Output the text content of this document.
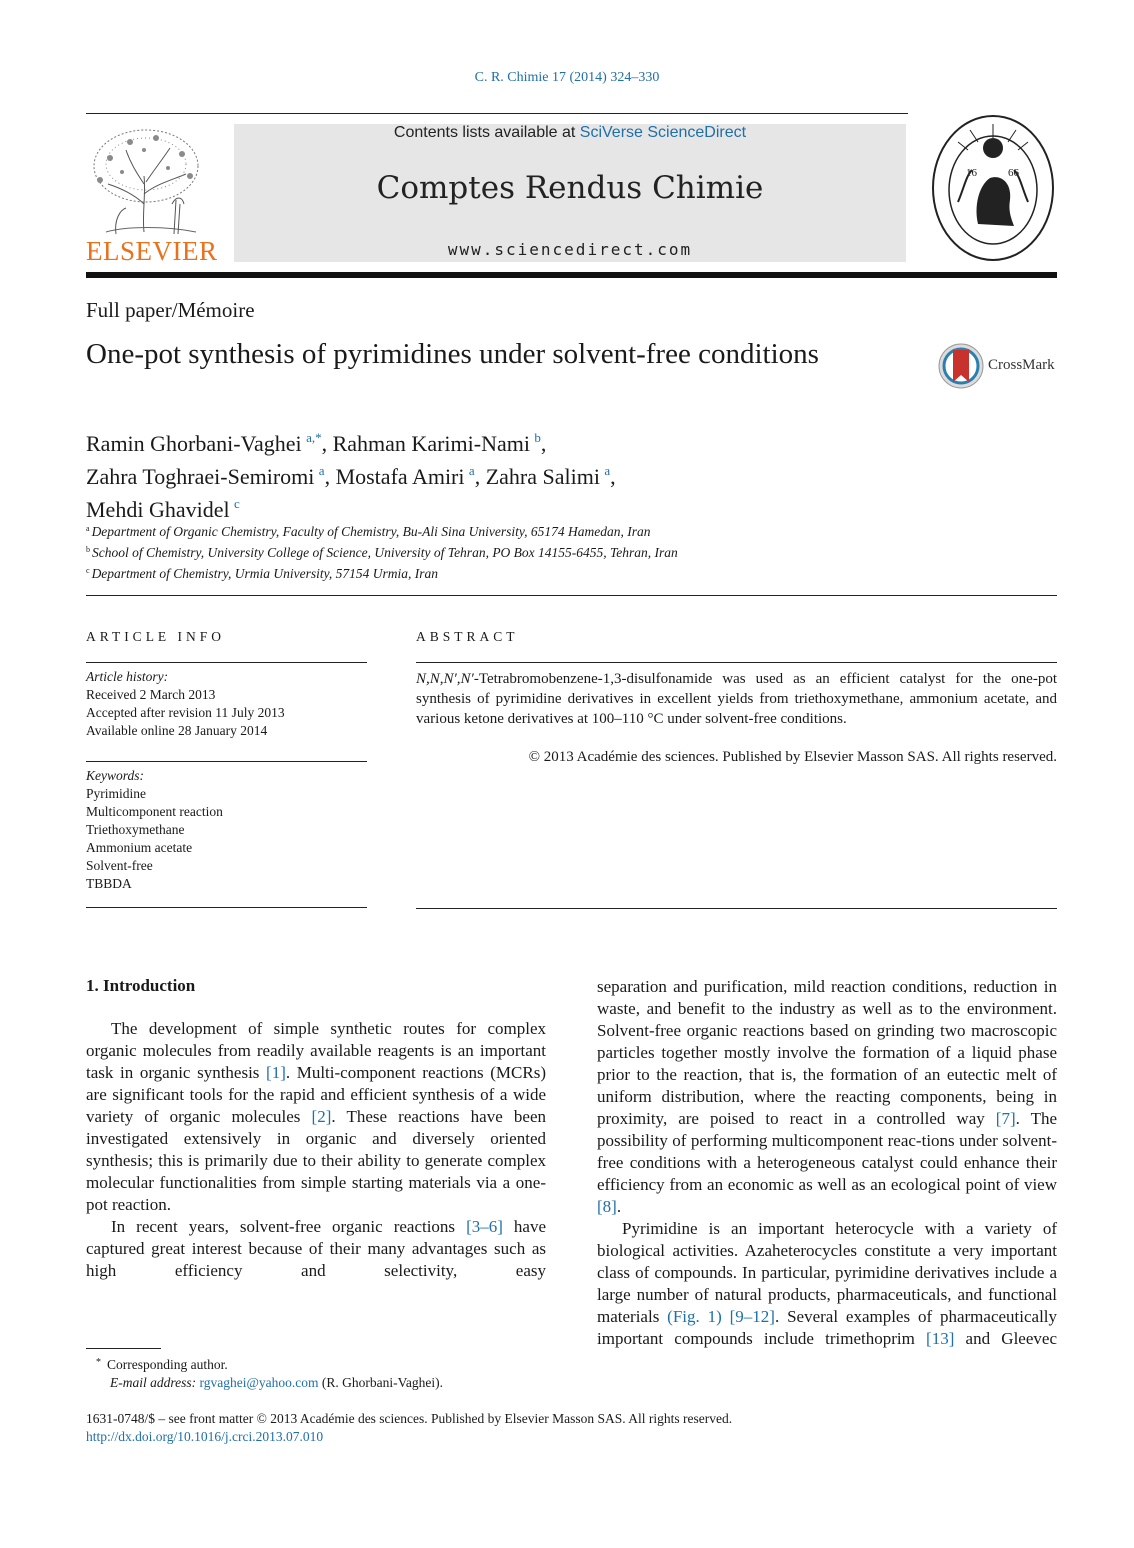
C. R. Chimie 17 (2014) 324–330
ELSEVIER
Contents lists available at SciVerse ScienceDirect
Comptes Rendus Chimie
www.sciencedirect.com
16	66
Full paper/Mémoire
One-pot synthesis of pyrimidines under solvent-free conditions	CrossMark
Ramin Ghorbani-Vaghei  $^{a,*}$, Rahman Karimi-Nami  $^b$,
Zahra Toghraei-Semiromi  $^a$, Mostafa Amiri  $^a$, Zahra Salimi  $^a$,
Mehdi Ghavidel  $^c$
$^a$ Department of Organic Chemistry, Faculty of Chemistry, Bu-Ali Sina University, 65174 Hamedan, Iran
$^b$ School of Chemistry, University College of Science, University of Tehran, PO Box 14155-6455, Tehran, Iran
$^c$ Department of Chemistry, Urmia University, 57154 Urmia, Iran
ARTICLE INFO
Article history:
Received 2 March 2013
Accepted after revision 11 July 2013
Available online 28 January 2014
Keywords:
Pyrimidine
Multicomponent reaction
Triethoxymethane
Ammonium acetate
Solvent-free
TBBDA
ABSTRACT
N,N,N′,N′-Tetrabromobenzene-1,3-disulfonamide was used as an efficient catalyst for the one-pot synthesis of pyrimidine derivatives in excellent yields from triethoxymethane, ammonium acetate, and various ketone derivatives at 100–110 °C under solvent-free conditions.
© 2013 Académie des sciences. Published by Elsevier Masson SAS. All rights reserved.
1. Introduction

The development of simple synthetic routes for complex organic molecules from readily available reagents is an important task in organic synthesis [1]. Multi-component reactions (MCRs) are significant tools for the rapid and efficient synthesis of a wide variety of organic molecules [2]. These reactions have been investigated extensively in organic and diversely oriented synthesis; this is primarily due to their ability to generate complex molecular functionalities from simple starting materials via a one-pot reaction.

In recent years, solvent-free organic reactions [3–6] have captured great interest because of their many advantages such as high efficiency and selectivity, easy

separation and purification, mild reaction conditions, reduction in waste, and benefit to the industry as well as to the environment. Solvent-free organic reactions based on grinding two macroscopic particles together mostly involve the formation of a liquid phase prior to the reaction, that is, the formation of an eutectic melt of uniform distribution, where the reacting components, being in proximity, are poised to react in a controlled way [7]. The possibility of performing multicomponent reac-tions under solvent-free conditions with a heterogeneous catalyst could enhance their efficiency from an economic as well as an ecological point of view [8].

Pyrimidine is an important heterocycle with a variety of biological activities. Azaheterocycles constitute a very important class of compounds. In particular, pyrimidine derivatives include a large number of natural products, pharmaceuticals, and functional materials (Fig. 1) [9–12]. Several examples of pharmaceutically important compounds include trimethoprim [13] and Gleevec

* Corresponding author.
E-mail address: rgvaghei@yahoo.com (R. Ghorbani-Vaghei).
1631-0748/$ – see front matter © 2013 Académie des sciences. Published by Elsevier Masson SAS. All rights reserved.
http://dx.doi.org/10.1016/j.crci.2013.07.010
